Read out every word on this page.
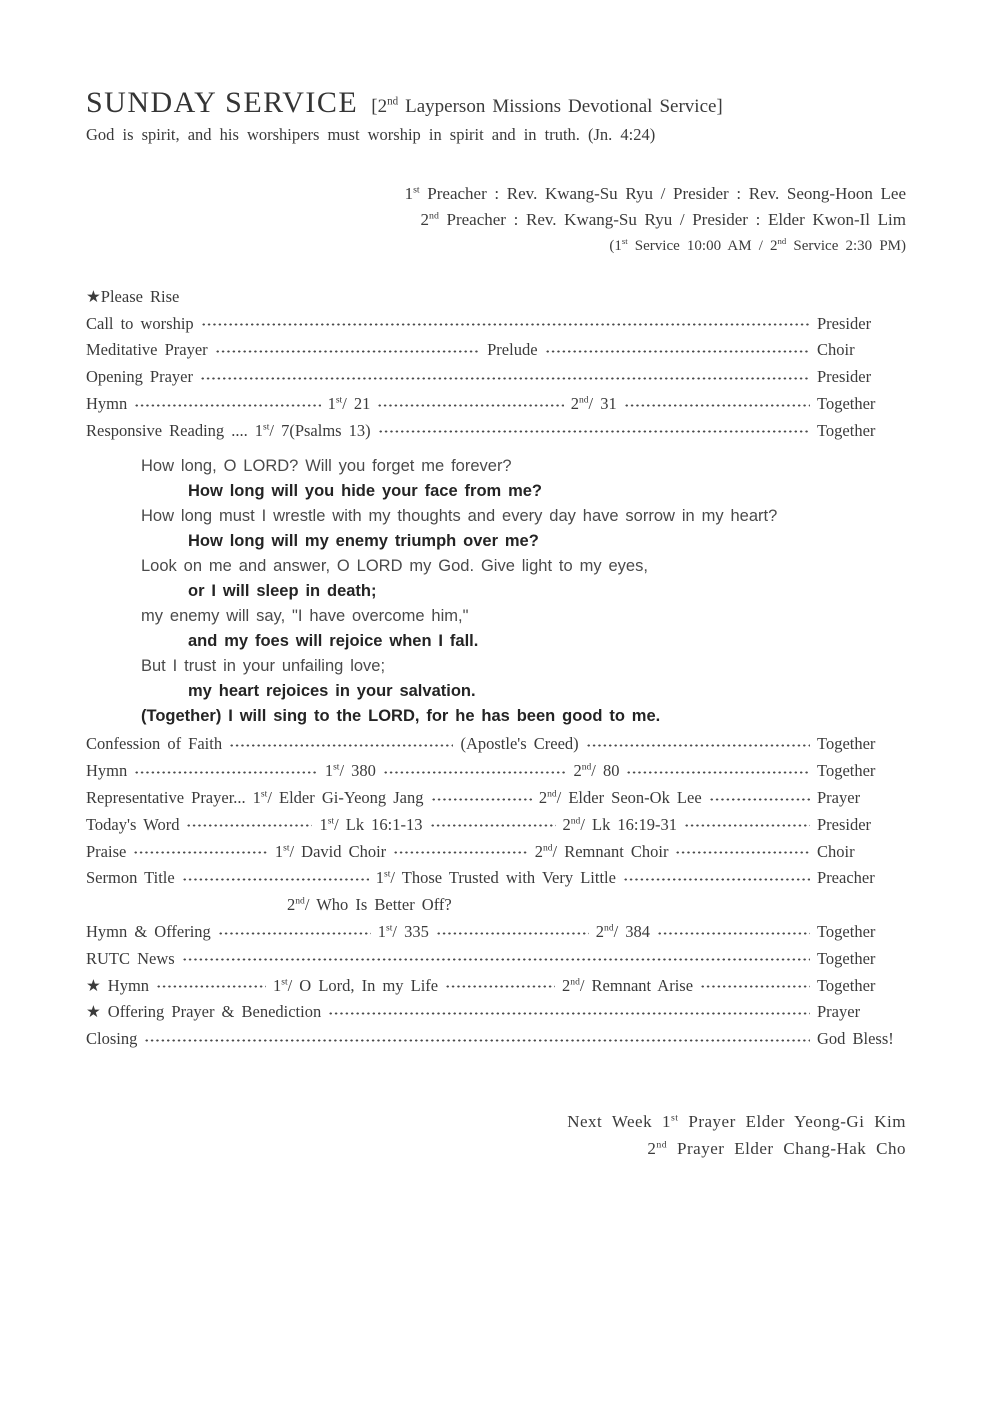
SUNDAY SERVICE [2nd Layperson Missions Devotional Service]
God is spirit, and his worshipers must worship in spirit and in truth. (Jn. 4:24)
1st Preacher : Rev. Kwang-Su Ryu / Presider : Rev. Seong-Hoon Lee
2nd Preacher : Rev. Kwang-Su Ryu / Presider : Elder Kwon-Il Lim
(1st Service 10:00 AM / 2nd Service 2:30 PM)
★Please Rise
Call to worship	Presider
Meditative Prayer	Prelude	Choir
Opening Prayer	Presider
Hymn	1st/ 21	2nd/ 31	Together
Responsive Reading .... 1st/ 7(Psalms 13)	Together
How long, O LORD? Will you forget me forever?
How long will you hide your face from me?
How long must I wrestle with my thoughts and every day have sorrow in my heart?
How long will my enemy triumph over me?
Look on me and answer, O LORD my God. Give light to my eyes,
or I will sleep in death;
my enemy will say, "I have overcome him,"
and my foes will rejoice when I fall.
But I trust in your unfailing love;
my heart rejoices in your salvation.
(Together) I will sing to the LORD, for he has been good to me.
Confession of Faith	(Apostle's Creed)	Together
Hymn	1st/ 380	2nd/ 80	Together
Representative Prayer... 1st/ Elder Gi-Yeong Jang	2nd/ Elder Seon-Ok Lee	Prayer
Today's Word	1st/ Lk 16:1-13	2nd/ Lk 16:19-31	Presider
Praise	1st/ David Choir	2nd/ Remnant Choir	Choir
Sermon Title	1st/ Those Trusted with Very Little	Preacher
2nd/ Who Is Better Off?
Hymn & Offering	1st/ 335	2nd/ 384	Together
RUTC News	Together
★ Hymn	1st/ O Lord, In my Life	2nd/ Remnant Arise	Together
★ Offering Prayer & Benediction	Prayer
Closing	God Bless!
Next Week 1st Prayer Elder Yeong-Gi Kim
2nd Prayer Elder Chang-Hak Cho
